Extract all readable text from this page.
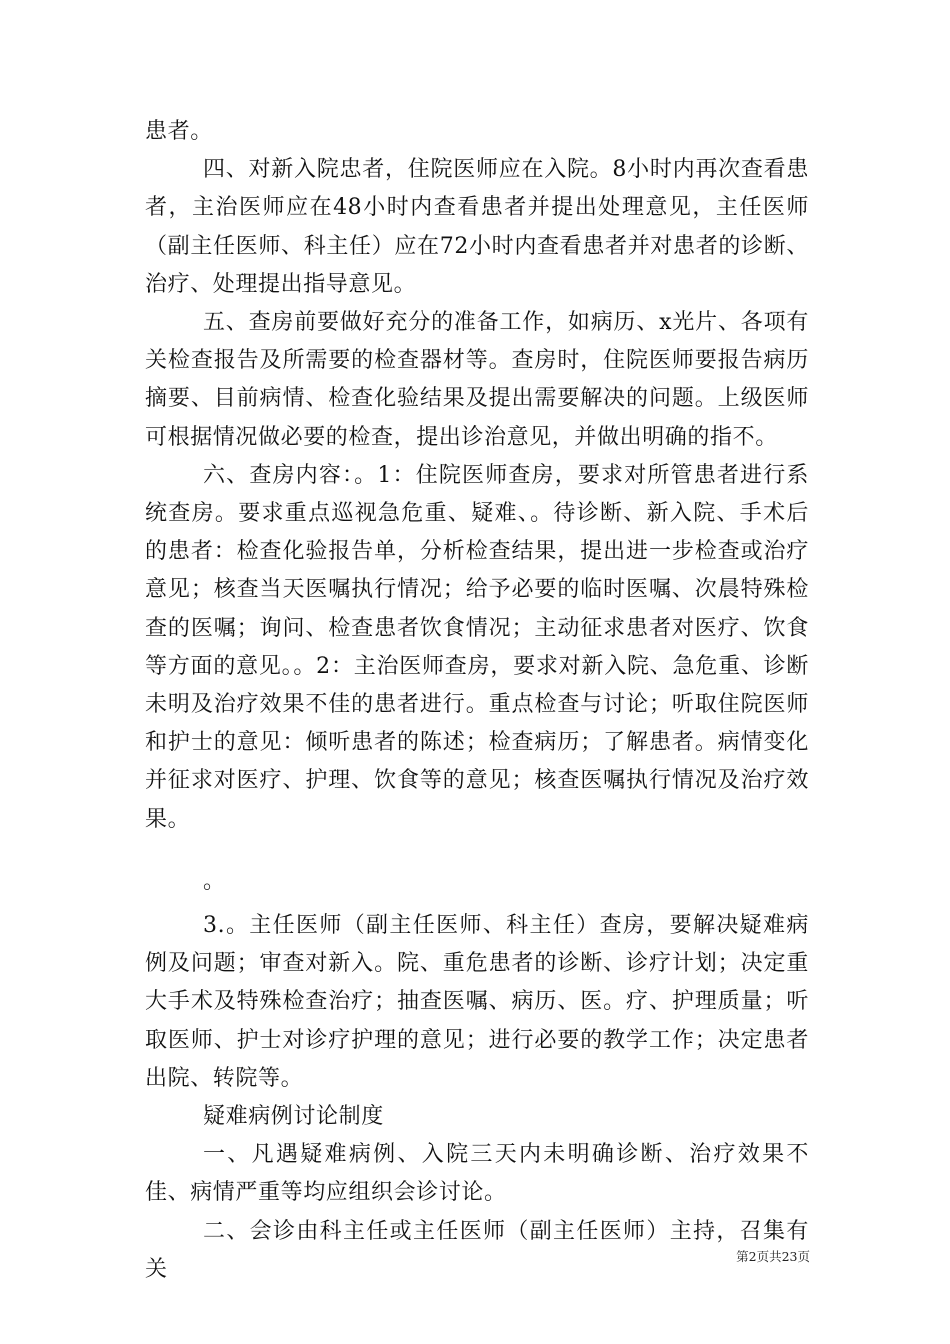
患者。

四、对新入院忠者，住院医师应在入院。8小时内再次查看患者，主治医师应在48小时内查看患者并提出处理意见，主任医师（副主任医师、科主任）应在72小时内查看患者并对患者的诊断、治疗、处理提出指导意见。

五、查房前要做好充分的准备工作，如病历、x光片、各项有关检查报告及所需要的检查器材等。查房时，住院医师要报告病历摘要、目前病情、检查化验结果及提出需要解决的问题。上级医师可根据情况做必要的检查，提出诊治意见，并做出明确的指不。

六、查房内容：。1：住院医师查房，要求对所管患者进行系统查房。要求重点巡视急危重、疑难、。待诊断、新入院、手术后的患者：检查化验报告单，分析检查结果，提出进一步检查或治疗意见；核查当天医嘱执行情况；给予必要的临时医嘱、次晨特殊检查的医嘱；询问、检查患者饮食情况；主动征求患者对医疗、饮食等方面的意见。。2：主治医师查房，要求对新入院、急危重、诊断未明及治疗效果不佳的患者进行。重点检查与讨论；听取住院医师和护士的意见：倾听患者的陈述；检查病历；了解患者。病情变化并征求对医疗、护理、饮食等的意见；核查医嘱执行情况及治疗效果。

。

3.。主任医师（副主任医师、科主任）查房，要解决疑难病例及问题；审查对新入。院、重危患者的诊断、诊疗计划；决定重大手术及特殊检查治疗；抽查医嘱、病历、医。疗、护理质量；听取医师、护士对诊疗护理的意见；进行必要的教学工作；决定患者出院、转院等。

疑难病例讨论制度

一、凡遇疑难病例、入院三天内未明确诊断、治疗效果不佳、病情严重等均应组织会诊讨论。

二、会诊由科主任或主任医师（副主任医师）主持，召集有关

第2页共23页
